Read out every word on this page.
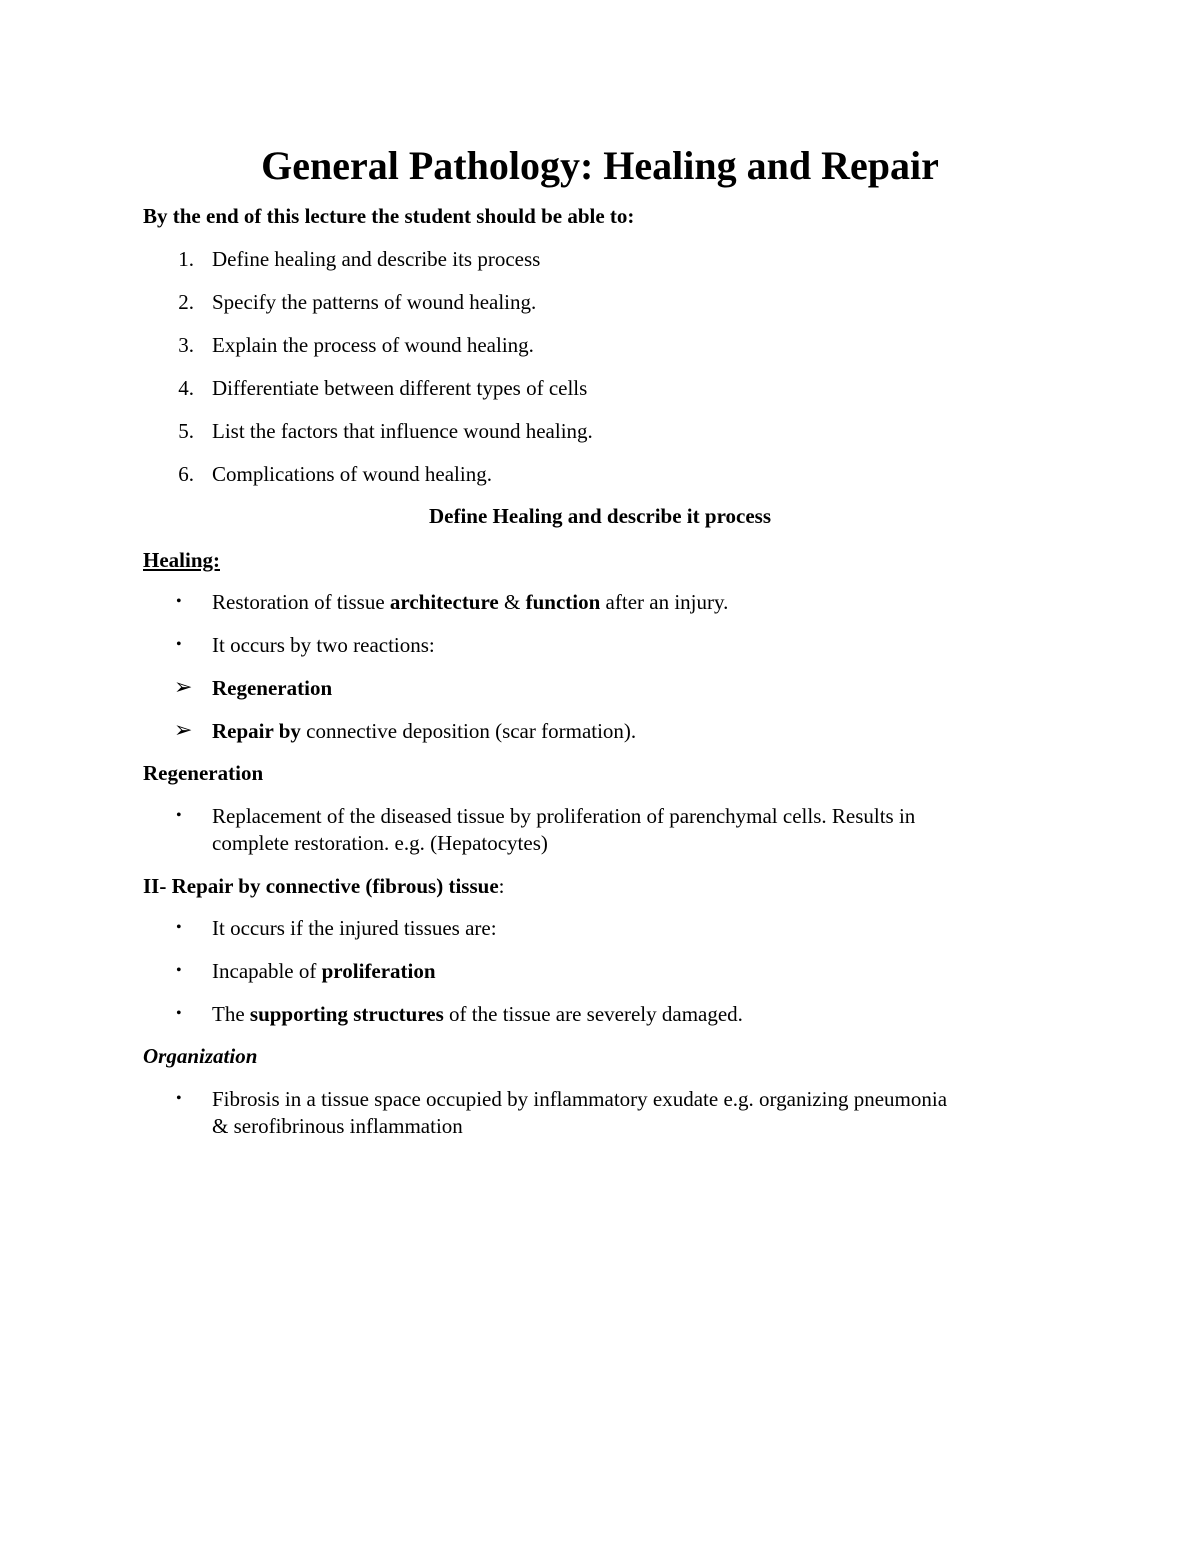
General Pathology: Healing and Repair
By the end of this lecture the student should be able to:
1. Define healing and describe its process
2. Specify the patterns of wound healing.
3. Explain the process of wound healing.
4. Differentiate between different types of cells
5. List the factors that influence wound healing.
6. Complications of wound healing.
Define Healing and describe it process
Healing:
• Restoration of tissue architecture & function after an injury.
• It occurs by two reactions:
➢ Regeneration
➢ Repair by connective deposition (scar formation).
Regeneration
• Replacement of the diseased tissue by proliferation of parenchymal cells. Results in
complete restoration. e.g. (Hepatocytes)
II- Repair by connective (fibrous) tissue:
• It occurs if the injured tissues are:
• Incapable of proliferation
• The supporting structures of the tissue are severely damaged.
Organization
• Fibrosis in a tissue space occupied by inflammatory exudate e.g. organizing pneumonia
& serofibrinous inflammation
